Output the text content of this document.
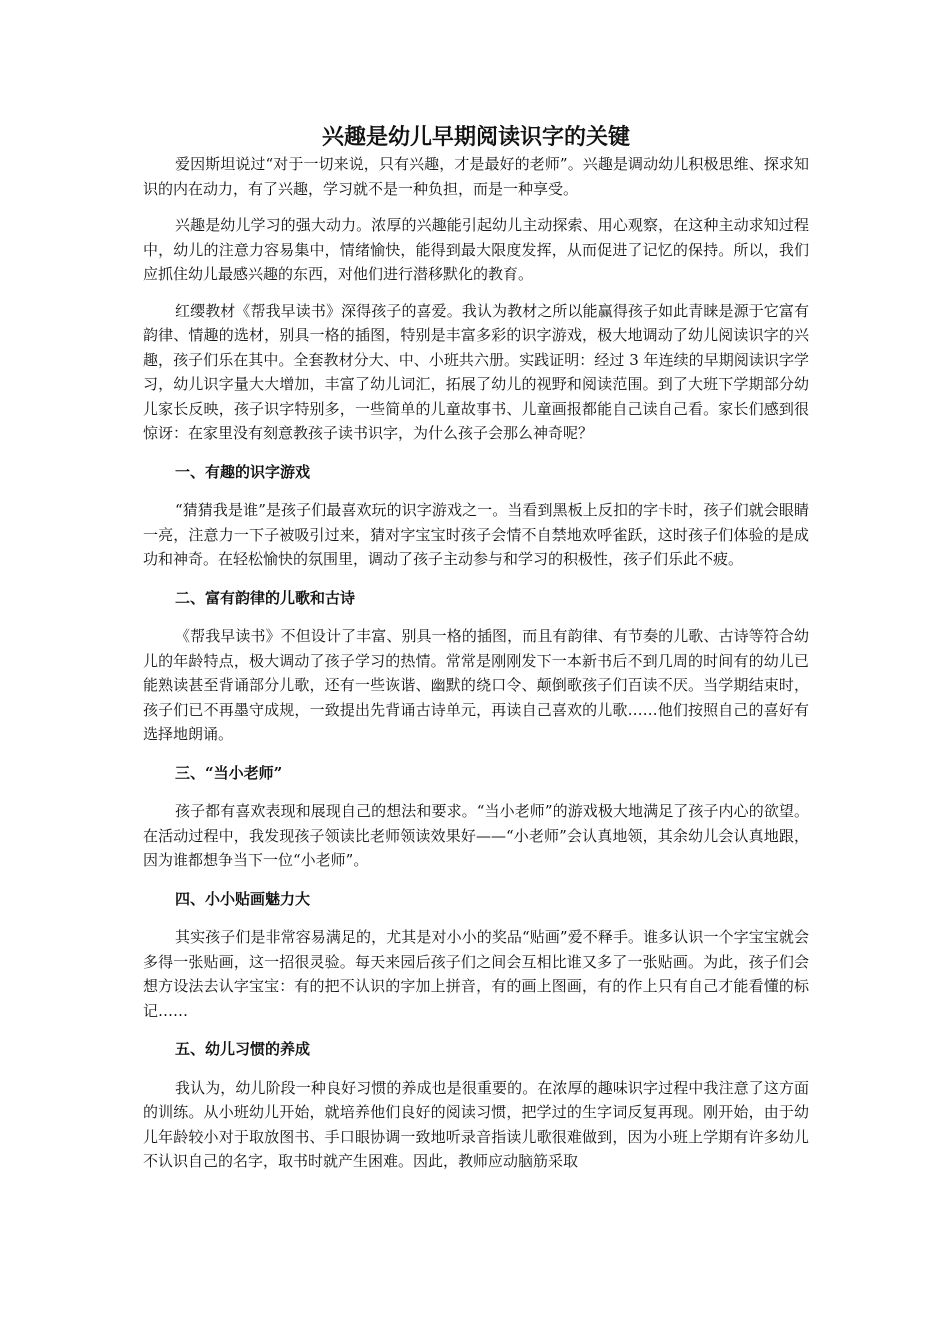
兴趣是幼儿早期阅读识字的关键

爱因斯坦说过“对于一切来说，只有兴趣，才是最好的老师”。兴趣是调动幼儿积极思维、探求知识的内在动力，有了兴趣，学习就不是一种负担，而是一种享受。

兴趣是幼儿学习的强大动力。浓厚的兴趣能引起幼儿主动探索、用心观察，在这种主动求知过程中，幼儿的注意力容易集中，情绪愉快，能得到最大限度发挥，从而促进了记忆的保持。所以，我们应抓住幼儿最感兴趣的东西，对他们进行潜移默化的教育。

红缨教材《帮我早读书》深得孩子的喜爱。我认为教材之所以能赢得孩子如此青睐是源于它富有韵律、情趣的选材，别具一格的插图，特别是丰富多彩的识字游戏，极大地调动了幼儿阅读识字的兴趣，孩子们乐在其中。全套教材分大、中、小班共六册。实践证明：经过 3 年连续的早期阅读识字学习，幼儿识字量大大增加，丰富了幼儿词汇，拓展了幼儿的视野和阅读范围。到了大班下学期部分幼儿家长反映，孩子识字特别多，一些简单的儿童故事书、儿童画报都能自己读自己看。家长们感到很惊讶：在家里没有刻意教孩子读书识字，为什么孩子会那么神奇呢？

一、有趣的识字游戏

“猜猜我是谁”是孩子们最喜欢玩的识字游戏之一。当看到黑板上反扣的字卡时，孩子们就会眼睛一亮，注意力一下子被吸引过来，猜对字宝宝时孩子会情不自禁地欢呼雀跃，这时孩子们体验的是成功和神奇。在轻松愉快的氛围里，调动了孩子主动参与和学习的积极性，孩子们乐此不疲。

二、富有韵律的儿歌和古诗

《帮我早读书》不但设计了丰富、别具一格的插图，而且有韵律、有节奏的儿歌、古诗等符合幼儿的年龄特点，极大调动了孩子学习的热情。常常是刚刚发下一本新书后不到几周的时间有的幼儿已能熟读甚至背诵部分儿歌，还有一些诙谐、幽默的绕口令、颠倒歌孩子们百读不厌。当学期结束时，孩子们已不再墨守成规，一致提出先背诵古诗单元，再读自己喜欢的儿歌……他们按照自己的喜好有选择地朗诵。

三、“当小老师”

孩子都有喜欢表现和展现自己的想法和要求。“当小老师”的游戏极大地满足了孩子内心的欲望。在活动过程中，我发现孩子领读比老师领读效果好——“小老师”会认真地领，其余幼儿会认真地跟，因为谁都想争当下一位“小老师”。

四、小小贴画魅力大

其实孩子们是非常容易满足的，尤其是对小小的奖品“贴画”爱不释手。谁多认识一个字宝宝就会多得一张贴画，这一招很灵验。每天来园后孩子们之间会互相比谁又多了一张贴画。为此，孩子们会想方设法去认字宝宝：有的把不认识的字加上拼音，有的画上图画，有的作上只有自己才能看懂的标记……

五、幼儿习惯的养成

我认为，幼儿阶段一种良好习惯的养成也是很重要的。在浓厚的趣味识字过程中我注意了这方面的训练。从小班幼儿开始，就培养他们良好的阅读习惯，把学过的生字词反复再现。刚开始，由于幼儿年龄较小对于取放图书、手口眼协调一致地听录音指读儿歌很难做到，因为小班上学期有许多幼儿不认识自己的名字，取书时就产生困难。因此，教师应动脑筋采取
